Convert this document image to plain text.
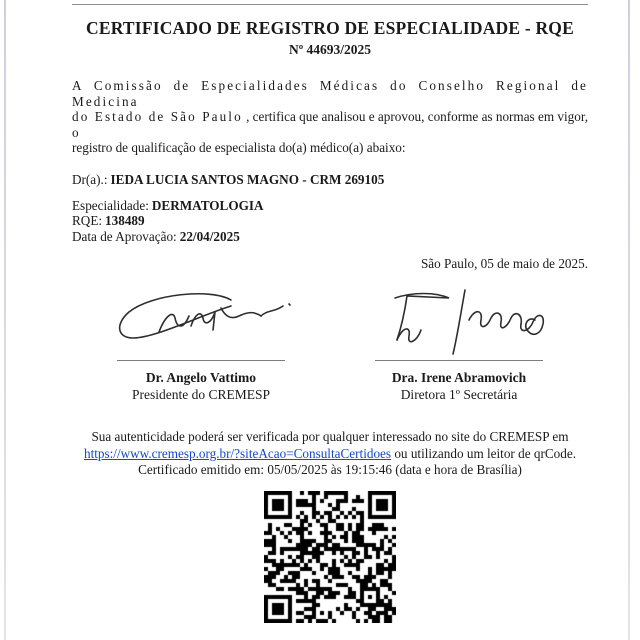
CERTIFICADO DE REGISTRO DE ESPECIALIDADE - RQE
Nº 44693/2025
A Comissão de Especialidades Médicas do Conselho Regional de Medicina
do Estado de São Paulo , certifica que analisou e aprovou, conforme as normas em vigor, o
registro de qualificação de especialista do(a) médico(a) abaixo:
Dr(a).: IEDA LUCIA SANTOS MAGNO - CRM 269105
Especialidade: DERMATOLOGIA
RQE: 138489
Data de Aprovação: 22/04/2025
São Paulo, 05 de maio de 2025.
Dr. Angelo Vattimo
Presidente do CREMESP
Dra. Irene Abramovich
Diretora 1º Secretária
Sua autenticidade poderá ser verificada por qualquer interessado no site do CREMESP em
https://www.cremesp.org.br/?siteAcao=ConsultaCertidoes ou utilizando um leitor de qrCode.
Certificado emitido em: 05/05/2025 às 19:15:46 (data e hora de Brasília)
